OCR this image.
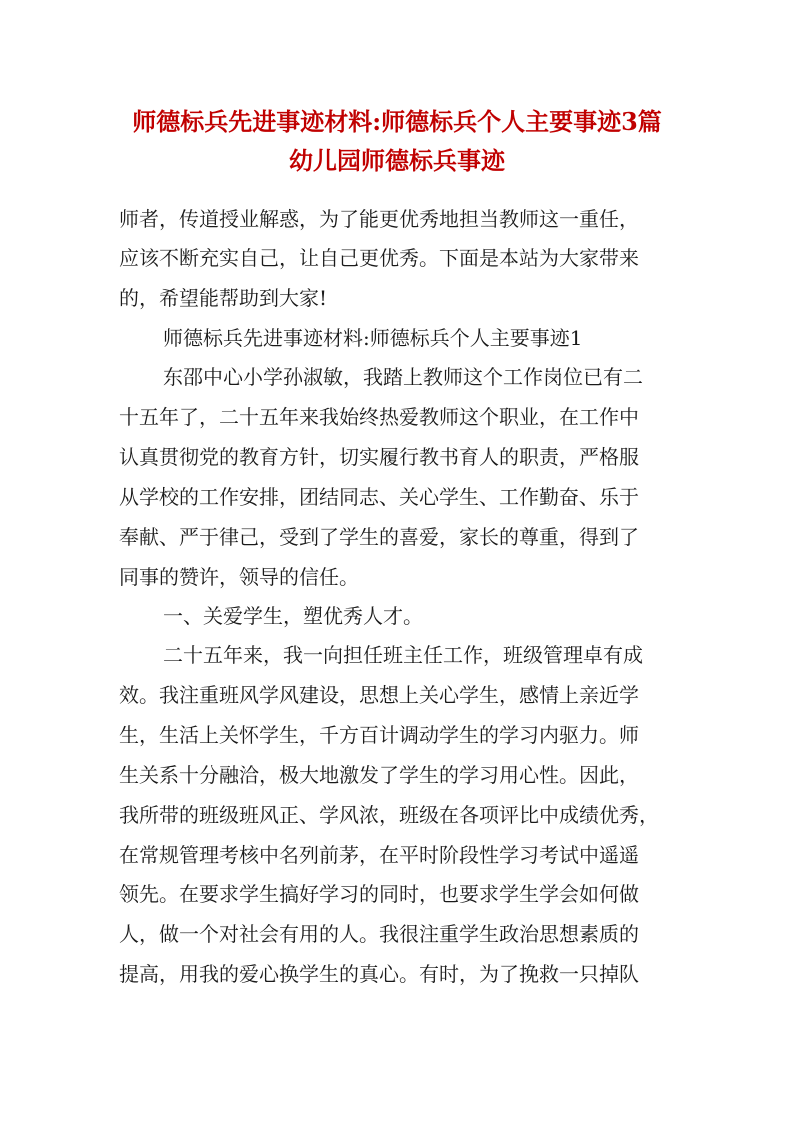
师德标兵先进事迹材料:师德标兵个人主要事迹3篇
幼儿园师德标兵事迹
师者，传道授业解惑，为了能更优秀地担当教师这一重任，
应该不断充实自己，让自己更优秀。下面是本站为大家带来
的，希望能帮助到大家!
师德标兵先进事迹材料:师德标兵个人主要事迹1
东邵中心小学孙淑敏，我踏上教师这个工作岗位已有二
十五年了，二十五年来我始终热爱教师这个职业，在工作中
认真贯彻党的教育方针，切实履行教书育人的职责，严格服
从学校的工作安排，团结同志、关心学生、工作勤奋、乐于
奉献、严于律己，受到了学生的喜爱，家长的尊重，得到了
同事的赞许，领导的信任。
一、关爱学生，塑优秀人才。
二十五年来，我一向担任班主任工作，班级管理卓有成
效。我注重班风学风建设，思想上关心学生，感情上亲近学
生，生活上关怀学生，千方百计调动学生的学习内驱力。师
生关系十分融洽，极大地激发了学生的学习用心性。因此，
我所带的班级班风正、学风浓，班级在各项评比中成绩优秀，
在常规管理考核中名列前茅，在平时阶段性学习考试中遥遥
领先。在要求学生搞好学习的同时，也要求学生学会如何做
人，做一个对社会有用的人。我很注重学生政治思想素质的
提高，用我的爱心换学生的真心。有时，为了挽救一只掉队
